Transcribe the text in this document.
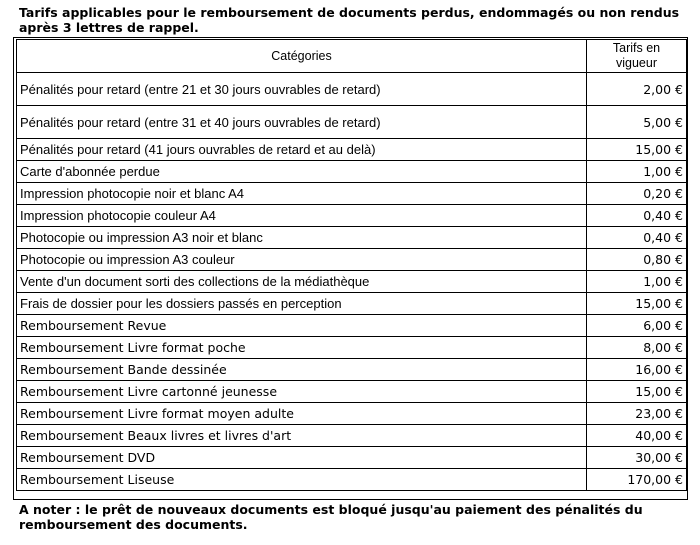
Tarifs applicables pour le remboursement de documents perdus, endommagés ou non rendus
après 3 lettres de rappel.
Catégories	Tarifs en
vigueur

Pénalités pour retard (entre 21 et 30 jours ouvrables de retard)	2,00 €
Pénalités pour retard (entre 31 et 40 jours ouvrables de retard)	5,00 €
Pénalités pour retard (41 jours ouvrables de retard et au delà)	15,00 €
Carte d'abonnée perdue	1,00 €
Impression photocopie noir et blanc A4	0,20 €
Impression photocopie couleur A4	0,40 €
Photocopie ou impression A3 noir et blanc	0,40 €
Photocopie ou impression A3 couleur	0,80 €
Vente d'un document sorti des collections de la médiathèque	1,00 €
Frais de dossier pour les dossiers passés en perception	15,00 €
Remboursement Revue	6,00 €
Remboursement Livre format poche	8,00 €
Remboursement Bande dessinée	16,00 €
Remboursement Livre cartonné jeunesse	15,00 €
Remboursement Livre format moyen adulte	23,00 €
Remboursement Beaux livres et livres d'art	40,00 €
Remboursement DVD	30,00 €
Remboursement Liseuse	170,00 €
A noter : le prêt de nouveaux documents est bloqué jusqu'au paiement des pénalités du
remboursement des documents.
